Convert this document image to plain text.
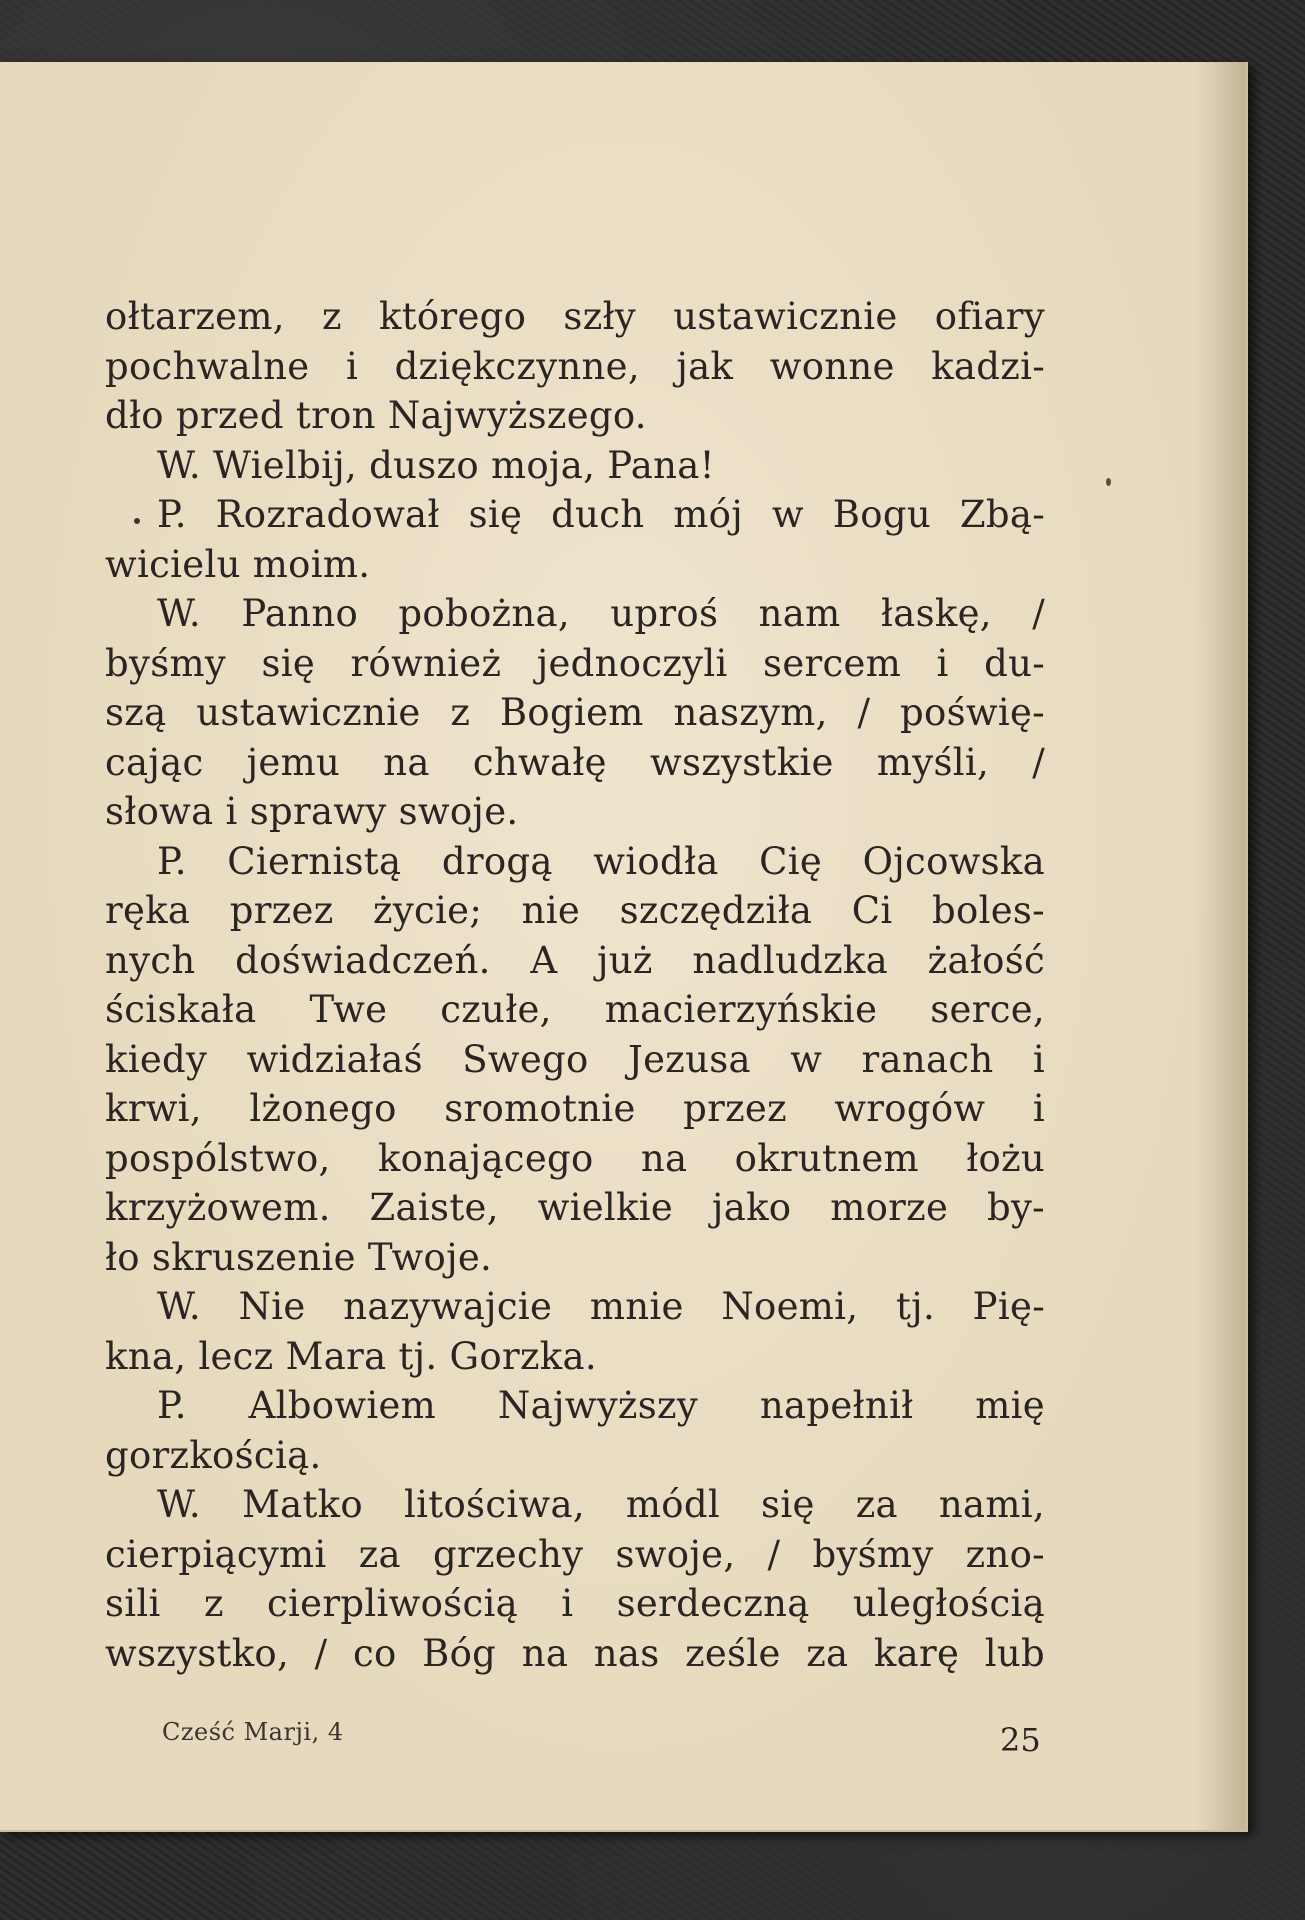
ołtarzem, z którego szły ustawicznie ofiary
pochwalne i dziękczynne, jak wonne kadzi-
dło przed tron Najwyższego.
W. Wielbij, duszo moja, Pana!
P. Rozradował się duch mój w Bogu Zbą-
wicielu moim.
W. Panno pobożna, uproś nam łaskę, /
byśmy się również jednoczyli sercem i du-
szą ustawicznie z Bogiem naszym, / poświę-
cając jemu na chwałę wszystkie myśli, /
słowa i sprawy swoje.
P. Ciernistą drogą wiodła Cię Ojcowska
ręka przez życie; nie szczędziła Ci boles-
nych doświadczeń. A już nadludzka żałość
ściskała Twe czułe, macierzyńskie serce,
kiedy widziałaś Swego Jezusa w ranach i
krwi, lżonego sromotnie przez wrogów i
pospólstwo, konającego na okrutnem łożu
krzyżowem. Zaiste, wielkie jako morze by-
ło skruszenie Twoje.
W. Nie nazywajcie mnie Noemi, tj. Pię-
kna, lecz Mara tj. Gorzka.
P. Albowiem Najwyższy napełnił mię
gorzkością.
W. Matko litościwa, módl się za nami,
cierpiącymi za grzechy swoje, / byśmy zno-
sili z cierpliwością i serdeczną uległością
wszystko, / co Bóg na nas ześle za karę lub
Cześć Marji, 4	25
